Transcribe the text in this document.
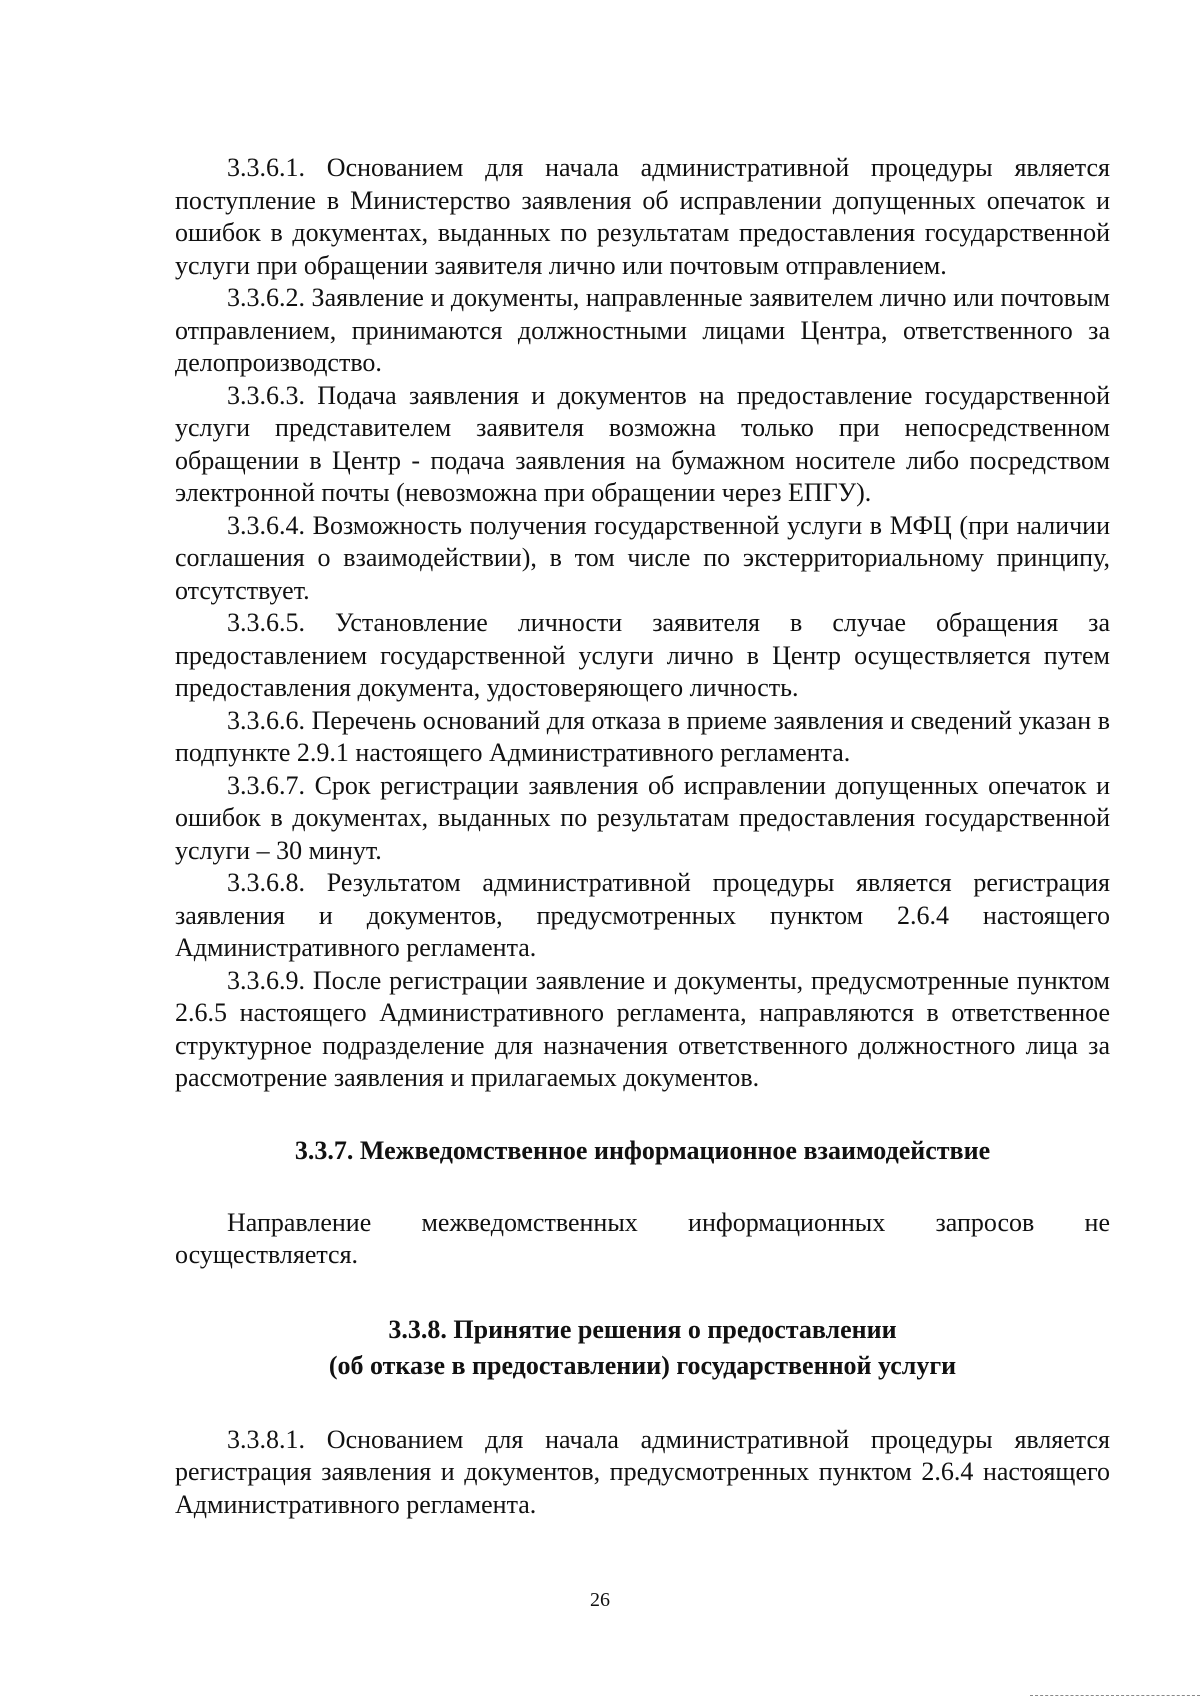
3.3.6.1. Основанием для начала административной процедуры является поступление в Министерство заявления об исправлении допущенных опечаток и ошибок в документах, выданных по результатам предоставления государственной услуги при обращении заявителя лично или почтовым отправлением.

3.3.6.2. Заявление и документы, направленные заявителем лично или почтовым отправлением, принимаются должностными лицами Центра, ответственного за делопроизводство.

3.3.6.3. Подача заявления и документов на предоставление государственной услуги представителем заявителя возможна только при непосредственном обращении в Центр - подача заявления на бумажном носителе либо посредством электронной почты (невозможна при обращении через ЕПГУ).

3.3.6.4. Возможность получения государственной услуги в МФЦ (при наличии соглашения о взаимодействии), в том числе по экстерриториальному принципу, отсутствует.

3.3.6.5. Установление личности заявителя в случае обращения за предоставлением государственной услуги лично в Центр осуществляется путем предоставления документа, удостоверяющего личность.

3.3.6.6. Перечень оснований для отказа в приеме заявления и сведений указан в подпункте 2.9.1 настоящего Административного регламента.

3.3.6.7. Срок регистрации заявления об исправлении допущенных опечаток и ошибок в документах, выданных по результатам предоставления государственной услуги – 30 минут.

3.3.6.8. Результатом административной процедуры является регистрация заявления и документов, предусмотренных пунктом 2.6.4 настоящего Административного регламента.

3.3.6.9. После регистрации заявление и документы, предусмотренные пунктом 2.6.5 настоящего Административного регламента, направляются в ответственное структурное подразделение для назначения ответственного должностного лица за рассмотрение заявления и прилагаемых документов.

3.3.7. Межведомственное информационное взаимодействие

Направление межведомственных информационных запросов не осуществляется.

3.3.8. Принятие решения о предоставлении
(об отказе в предоставлении) государственной услуги

3.3.8.1. Основанием для начала административной процедуры является регистрация заявления и документов, предусмотренных пунктом 2.6.4 настоящего Административного регламента.

26
